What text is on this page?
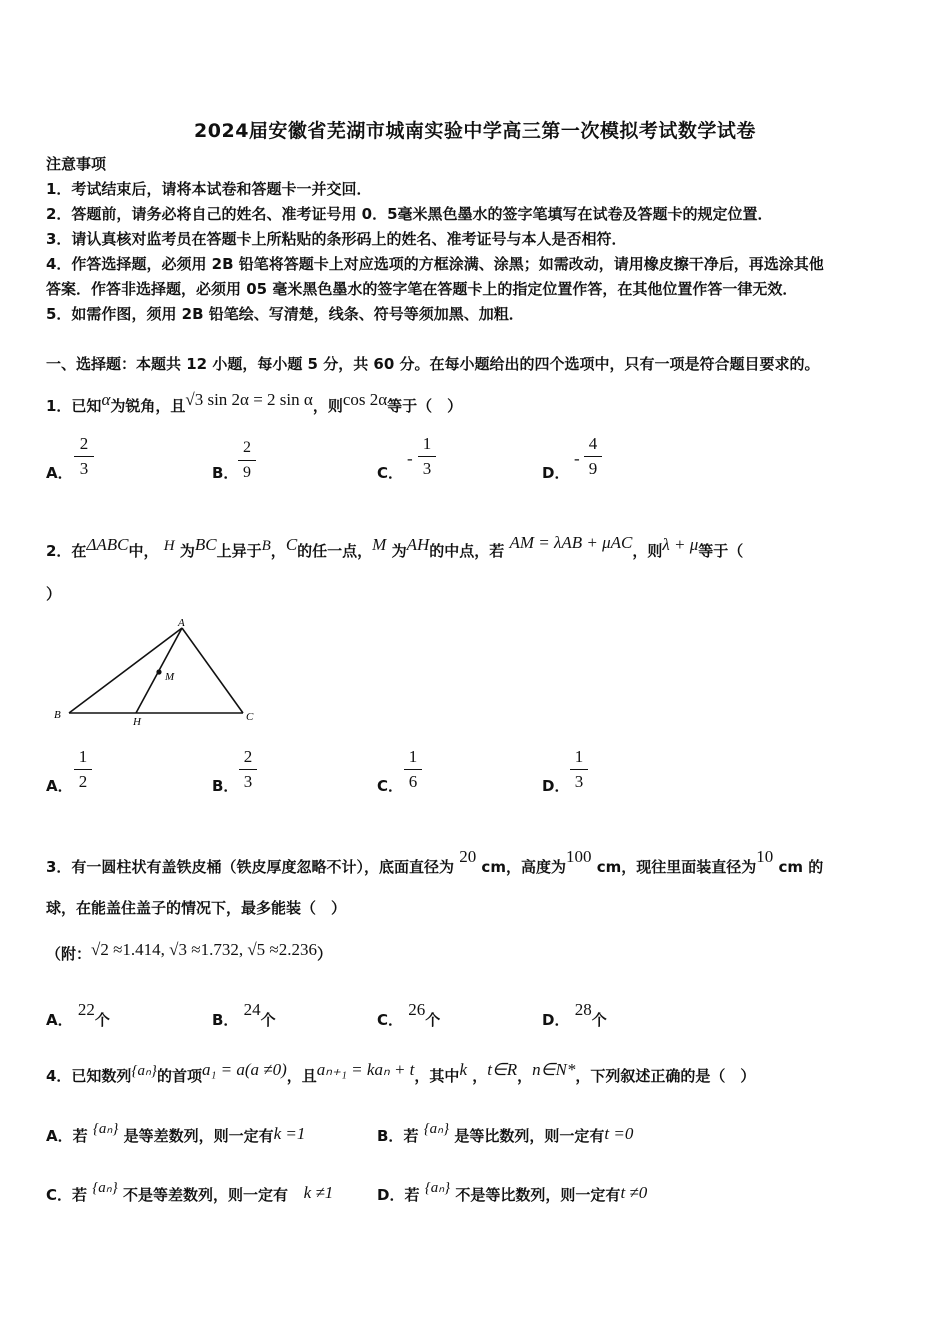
2024届安徽省芜湖市城南实验中学高三第一次模拟考试数学试卷
注意事项
1．考试结束后，请将本试卷和答题卡一并交回．
2．答题前，请务必将自己的姓名、准考证号用 0．5毫米黑色墨水的签字笔填写在试卷及答题卡的规定位置．
3．请认真核对监考员在答题卡上所粘贴的条形码上的姓名、准考证号与本人是否相符．
4．作答选择题，必须用 2B 铅笔将答题卡上对应选项的方框涂满、涂黑；如需改动，请用橡皮擦干净后，再选涂其他
答案．作答非选择题，必须用 05 毫米黑色墨水的签字笔在答题卡上的指定位置作答，在其他位置作答一律无效．
5．如需作图，须用 2B 铅笔绘、写清楚，线条、符号等须加黑、加粗．
一、选择题：本题共 12 小题，每小题 5 分，共 60 分。在每小题给出的四个选项中，只有一项是符合题目要求的。
1．已知α为锐角，且√3 sin 2α = 2 sin α，则cos 2α等于（　）
A．
2
3	B．
2
9	C．
-
1
3	D．
-
4
9
2．在ΔABC中， H 为BC上异于B，C的任一点，M 为AH的中点，若 AM = λAB + μAC，则λ + μ等于（
）
A
B	C
H
M
A．
1
2	B．
2
3	C．
1
6	D．
1
3
3．有一圆柱状有盖铁皮桶（铁皮厚度忽略不计），底面直径为 20 cm，高度为100 cm，现往里面装直径为10 cm 的
球，在能盖住盖子的情况下，最多能装（　）
（附：√2 ≈1.414, √3 ≈1.732, √5 ≈2.236）
A． 22个	B． 24个	C． 26个	D． 28个
4．已知数列{aₙ}的首项a₁ = a(a ≠0)，且aₙ₊₁ = kaₙ + t，其中k ，t∈R，n∈N*，下列叙述正确的是（　）
A．若 {aₙ} 是等差数列，则一定有k =1	B．若 {aₙ} 是等比数列，则一定有t =0
C．若 {aₙ} 不是等差数列，则一定有 k ≠1	D．若 {aₙ} 不是等比数列，则一定有t ≠0
